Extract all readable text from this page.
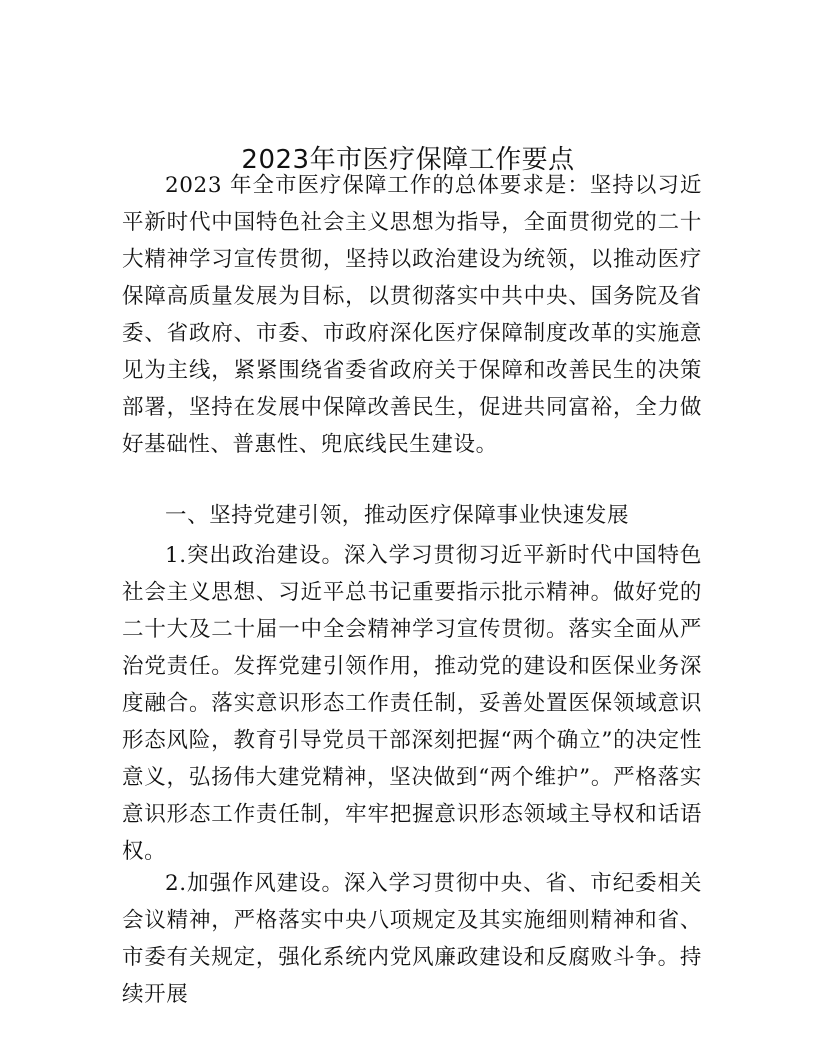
2023年市医疗保障工作要点

2023 年全市医疗保障工作的总体要求是：坚持以习近平新时代中国特色社会主义思想为指导，全面贯彻党的二十大精神学习宣传贯彻，坚持以政治建设为统领，以推动医疗保障高质量发展为目标，以贯彻落实中共中央、国务院及省委、省政府、市委、市政府深化医疗保障制度改革的实施意见为主线，紧紧围绕省委省政府关于保障和改善民生的决策部署，坚持在发展中保障改善民生，促进共同富裕，全力做好基础性、普惠性、兜底线民生建设。

一、坚持党建引领，推动医疗保障事业快速发展

1.突出政治建设。深入学习贯彻习近平新时代中国特色社会主义思想、习近平总书记重要指示批示精神。做好党的二十大及二十届一中全会精神学习宣传贯彻。落实全面从严治党责任。发挥党建引领作用，推动党的建设和医保业务深度融合。落实意识形态工作责任制，妥善处置医保领域意识形态风险，教育引导党员干部深刻把握“两个确立”的决定性意义，弘扬伟大建党精神，坚决做到“两个维护”。严格落实意识形态工作责任制，牢牢把握意识形态领域主导权和话语权。

2.加强作风建设。深入学习贯彻中央、省、市纪委相关会议精神，严格落实中央八项规定及其实施细则精神和省、市委有关规定，强化系统内党风廉政建设和反腐败斗争。持续开展
